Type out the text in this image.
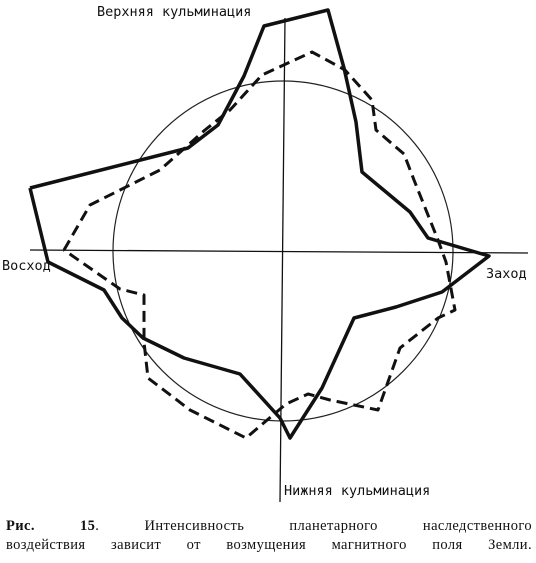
Верхняя кульминация
Восход	Заход
Нижняя кульминация
Рис. 15. Интенсивность планетарного наследственного
воздействия зависит от возмущения магнитного поля Земли.
